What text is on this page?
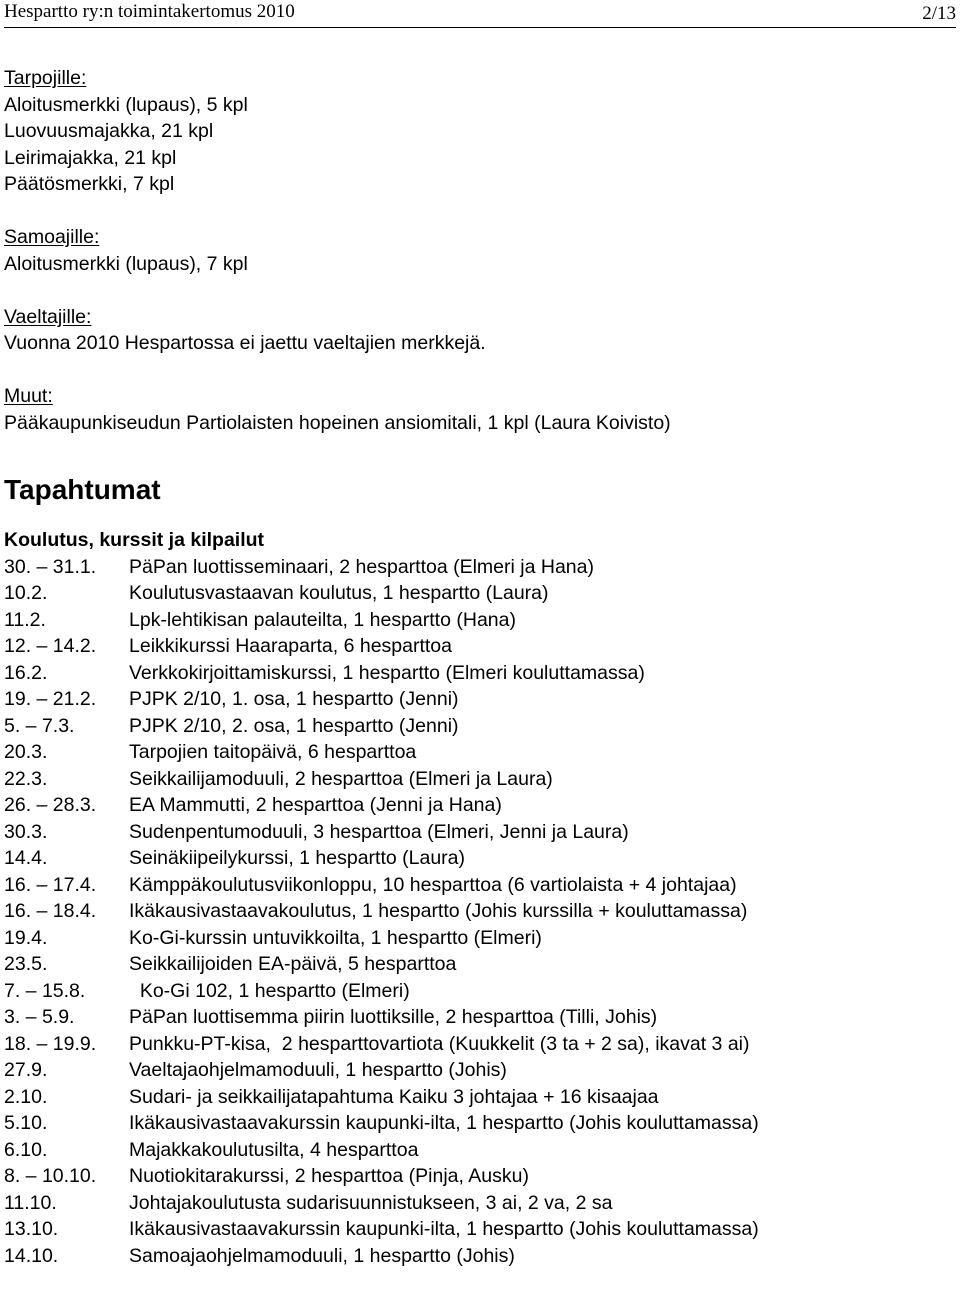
Hespartto ry:n toimintakertomus 2010	2/13
Tarpojille:
Aloitusmerkki (lupaus), 5 kpl
Luovuusmajakka, 21 kpl
Leirimajakka, 21 kpl
Päätösmerkki, 7 kpl
Samoajille:
Aloitusmerkki (lupaus), 7 kpl
Vaeltajille:
Vuonna 2010 Hespartossa ei jaettu vaeltajien merkkejä.
Muut:
Pääkaupunkiseudun Partiolaisten hopeinen ansiomitali, 1 kpl (Laura Koivisto)
Tapahtumat
Koulutus, kurssit ja kilpailut
30. – 31.1.	PäPan luottisseminaari, 2 hesparttoa (Elmeri ja Hana)
10.2.	Koulutusvastaavan koulutus, 1 hespartto (Laura)
11.2.	Lpk-lehtikisan palauteilta, 1 hespartto (Hana)
12. – 14.2.	Leikkikurssi Haaraparta, 6 hesparttoa
16.2.	Verkkokirjoittamiskurssi, 1 hespartto (Elmeri kouluttamassa)
19. – 21.2.	PJPK 2/10, 1. osa, 1 hespartto (Jenni)
5. – 7.3.	PJPK 2/10, 2. osa, 1 hespartto (Jenni)
20.3.	Tarpojien taitopäivä, 6 hesparttoa
22.3.	Seikkailijamoduuli, 2 hesparttoa (Elmeri ja Laura)
26. – 28.3.	EA Mammutti, 2 hesparttoa (Jenni ja Hana)
30.3.	Sudenpentumoduuli, 3 hesparttoa (Elmeri, Jenni ja Laura)
14.4.	Seinäkiipeilykurssi, 1 hespartto (Laura)
16. – 17.4.	Kämppäkoulutusviikonloppu, 10 hesparttoa (6 vartiolaista + 4 johtajaa)
16. – 18.4.	Ikäkausivastaavakoulutus, 1 hespartto (Johis kurssilla + kouluttamassa)
19.4.	Ko-Gi-kurssin untuvikkoilta, 1 hespartto (Elmeri)
23.5.	Seikkailijoiden EA-päivä, 5 hesparttoa
7. – 15.8.	Ko-Gi 102, 1 hespartto (Elmeri)
3. – 5.9.	PäPan luottisemma piirin luottiksille, 2 hesparttoa (Tilli, Johis)
18. – 19.9.	Punkku-PT-kisa,  2 hesparttovartiota (Kuukkelit (3 ta + 2 sa), ikavat 3 ai)
27.9.	Vaeltajaohjelmamoduuli, 1 hespartto (Johis)
2.10.	Sudari- ja seikkailijatapahtuma Kaiku 3 johtajaa + 16 kisaajaa
5.10.	Ikäkausivastaavakurssin kaupunki-ilta, 1 hespartto (Johis kouluttamassa)
6.10.	Majakkakoulutusilta, 4 hesparttoa
8. – 10.10.	Nuotiokitarakurssi, 2 hesparttoa (Pinja, Ausku)
11.10.	Johtajakoulutusta sudarisuunnistukseen, 3 ai, 2 va, 2 sa
13.10.	Ikäkausivastaavakurssin kaupunki-ilta, 1 hespartto (Johis kouluttamassa)
14.10.	Samoajaohjelmamoduuli, 1 hespartto (Johis)
